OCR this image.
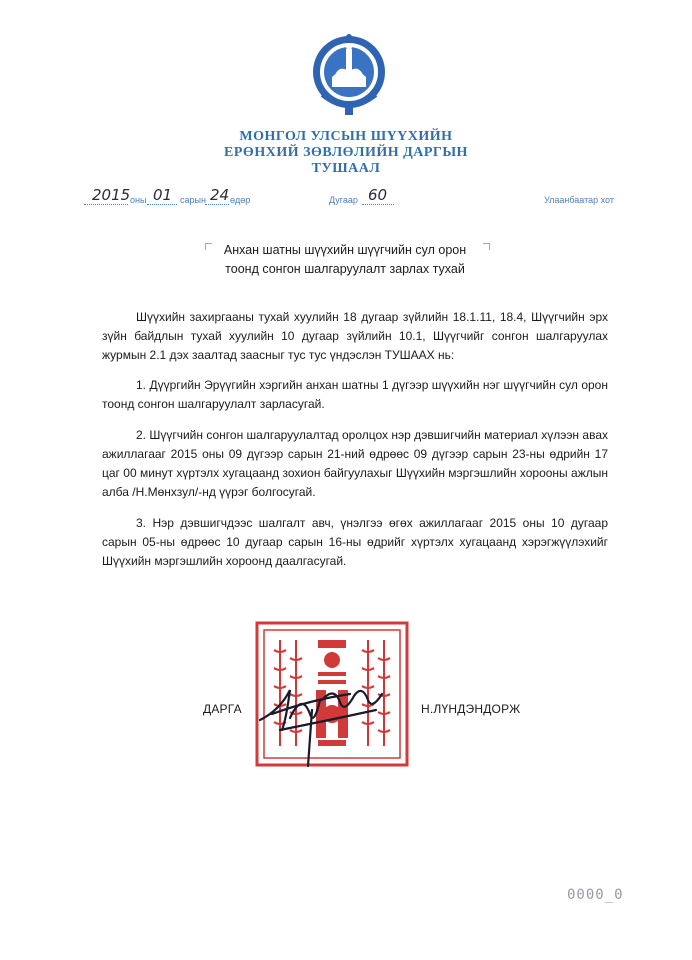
МОНГОЛ УЛСЫН ШҮҮХИЙН
ЕРӨНХИЙ ЗӨВЛӨЛИЙН ДАРГЫН
ТУШААЛ
2015 оны 01 сарын 24 өдөр	Дугаар 60	Улаанбаатар хот
Анхан шатны шүүхийн шүүгчийн сул орон
тоонд сонгон шалгаруулалт зарлах тухай

Шүүхийн захиргааны тухай хуулийн 18 дугаар зүйлийн 18.1.11, 18.4, Шүүгчийн эрх зүйн байдлын тухай хуулийн 10 дугаар зүйлийн 10.1, Шүүгчийг сонгон шалгаруулах журмын 2.1 дэх заалтад заасныг тус тус үндэслэн ТУШААХ нь:

1. Дүүргийн Эрүүгийн хэргийн анхан шатны 1 дүгээр шүүхийн нэг шүүгчийн сул орон тоонд сонгон шалгаруулалт зарласугай.

2. Шүүгчийн сонгон шалгаруулалтад оролцох нэр дэвшигчийн материал хүлээн авах ажиллагааг 2015 оны 09 дүгээр сарын 21-ний өдрөөс 09 дүгээр сарын 23-ны өдрийн 17 цаг 00 минут хүртэлх хугацаанд зохион байгуулахыг Шүүхийн мэргэшлийн хорооны ажлын алба /Н.Мөнхзул/-нд үүрэг болгосугай.

3. Нэр дэвшигчдээс шалгалт авч, үнэлгээ өгөх ажиллагааг 2015 оны 10 дугаар сарын 05-ны өдрөөс 10 дугаар сарын 16-ны өдрийг хүртэлх хугацаанд хэрэгжүүлэхийг Шүүхийн мэргэшлийн хороонд даалгасугай.

ДАРГА	Н.ЛҮНДЭНДОРЖ
0000_0
